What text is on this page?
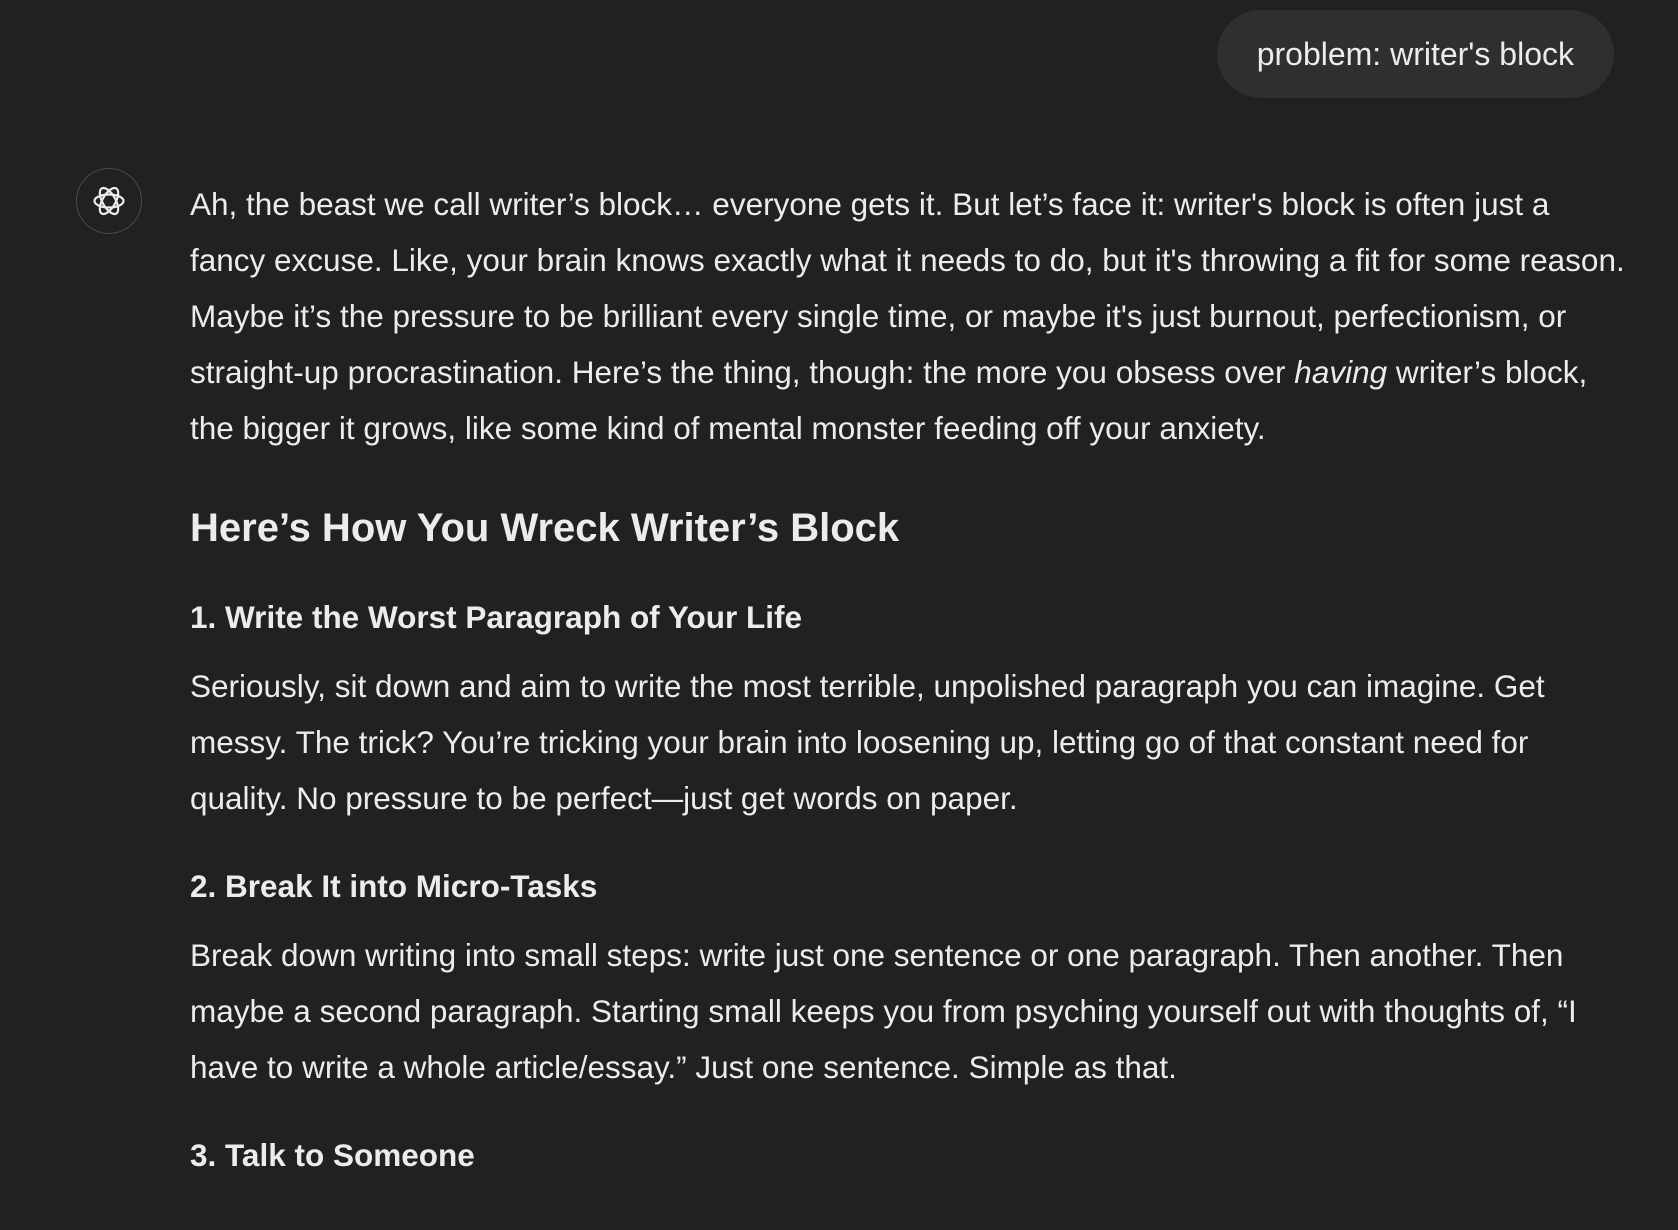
problem: writer's block

Ah, the beast we call writer’s block… everyone gets it. But let’s face it: writer's block is often just a fancy excuse. Like, your brain knows exactly what it needs to do, but it's throwing a fit for some reason. Maybe it’s the pressure to be brilliant every single time, or maybe it's just burnout, perfectionism, or straight-up procrastination. Here’s the thing, though: the more you obsess over having writer’s block, the bigger it grows, like some kind of mental monster feeding off your anxiety.

Here’s How You Wreck Writer’s Block
1. Write the Worst Paragraph of Your Life

Seriously, sit down and aim to write the most terrible, unpolished paragraph you can imagine. Get messy. The trick? You’re tricking your brain into loosening up, letting go of that constant need for quality. No pressure to be perfect—just get words on paper.

2. Break It into Micro-Tasks

Break down writing into small steps: write just one sentence or one paragraph. Then another. Then maybe a second paragraph. Starting small keeps you from psyching yourself out with thoughts of, “I have to write a whole article/essay.” Just one sentence. Simple as that.

3. Talk to Someone
